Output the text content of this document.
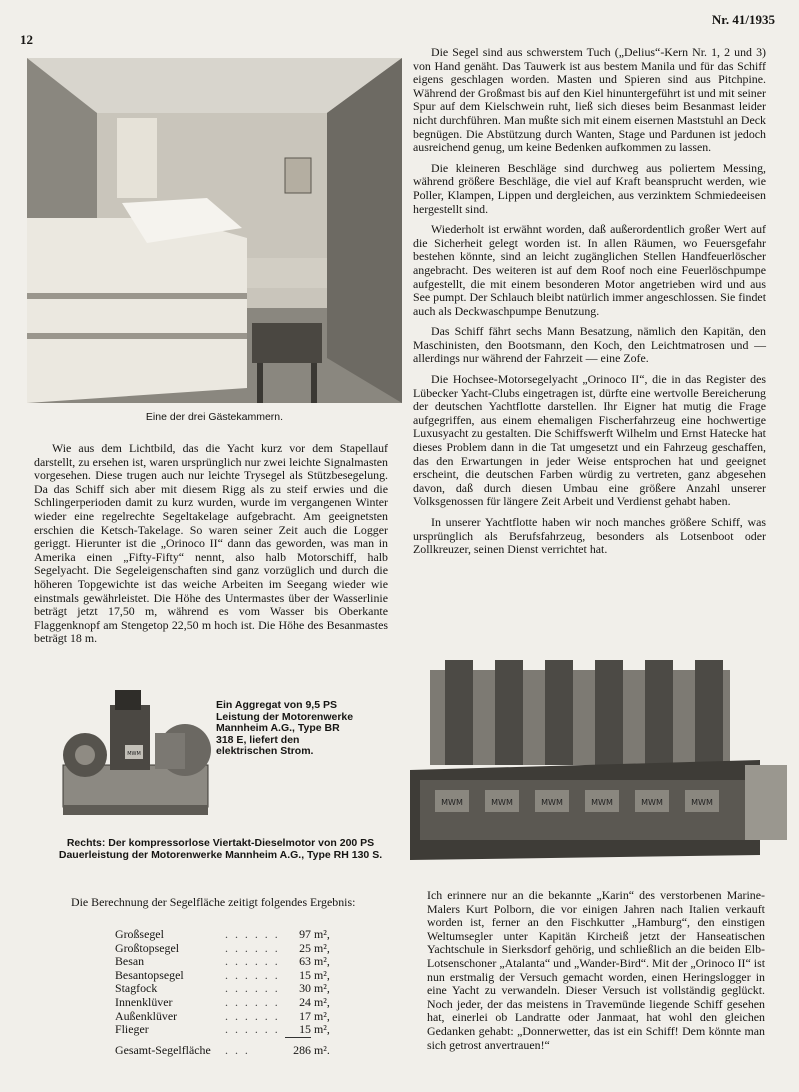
12
Nr. 41/1935
Eine der drei Gästekammern.

Wie aus dem Lichtbild, das die Yacht kurz vor dem Stapellauf darstellt, zu ersehen ist, waren ursprünglich nur zwei leichte Signalmasten vorgesehen. Diese trugen auch nur leichte Trysegel als Stützbesegelung. Da das Schiff sich aber mit diesem Rigg als zu steif erwies und die Schlingerperioden damit zu kurz wurden, wurde im vergangenen Winter wieder eine regelrechte Segeltakelage aufgebracht. Am geeignetsten erschien die Ketsch-Takelage. So waren seiner Zeit auch die Logger geriggt. Hierunter ist die „Orinoco II“ dann das geworden, was man in Amerika einen „Fifty-Fifty“ nennt, also halb Motorschiff, halb Segelyacht. Die Segeleigenschaften sind ganz vorzüglich und durch die höheren Topgewichte ist das weiche Arbeiten im Seegang wieder wie einstmals gewährleistet. Die Höhe des Untermastes über der Wasserlinie beträgt jetzt 17,50 m, während es vom Wasser bis Oberkante Flaggenknopf am Stengetop 22,50 m hoch ist. Die Höhe des Besanmastes beträgt 18 m.

Die Segel sind aus schwerstem Tuch („Delius“-Kern Nr. 1, 2 und 3) von Hand genäht. Das Tauwerk ist aus bestem Manila und für das Schiff eigens geschlagen worden. Masten und Spieren sind aus Pitchpine. Während der Großmast bis auf den Kiel hinuntergeführt ist und mit seiner Spur auf dem Kielschwein ruht, ließ sich dieses beim Besanmast leider nicht durchführen. Man mußte sich mit einem eisernen Maststuhl an Deck begnügen. Die Abstützung durch Wanten, Stage und Pardunen ist jedoch ausreichend genug, um keine Bedenken aufkommen zu lassen.

Die kleineren Beschläge sind durchweg aus poliertem Messing, während größere Beschläge, die viel auf Kraft beansprucht werden, wie Poller, Klampen, Lippen und dergleichen, aus verzinktem Schmiedeeisen hergestellt sind.

Wiederholt ist erwähnt worden, daß außerordentlich großer Wert auf die Sicherheit gelegt worden ist. In allen Räumen, wo Feuersgefahr bestehen könnte, sind an leicht zugänglichen Stellen Handfeuerlöscher angebracht. Des weiteren ist auf dem Roof noch eine Feuerlöschpumpe aufgestellt, die mit einem besonderen Motor angetrieben wird und aus See pumpt. Der Schlauch bleibt natürlich immer angeschlossen. Sie findet auch als Deckwaschpumpe Benutzung.

Das Schiff fährt sechs Mann Besatzung, nämlich den Kapitän, den Maschinisten, den Bootsmann, den Koch, den Leichtmatrosen und — allerdings nur während der Fahrzeit — eine Zofe.

Die Hochsee-Motorsegelyacht „Orinoco II“, die in das Register des Lübecker Yacht-Clubs eingetragen ist, dürfte eine wertvolle Bereicherung der deutschen Yachtflotte darstellen. Ihr Eigner hat mutig die Frage aufgegriffen, aus einem ehemaligen Fischerfahrzeug eine hochwertige Luxusyacht zu gestalten. Die Schiffswerft Wilhelm und Ernst Hatecke hat dieses Problem dann in die Tat umgesetzt und ein Fahrzeug geschaffen, das den Erwartungen in jeder Weise entsprochen hat und geeignet erscheint, die deutschen Farben würdig zu vertreten, ganz abgesehen davon, daß durch diesen Umbau eine größere Anzahl unserer Volksgenossen für längere Zeit Arbeit und Verdienst gehabt haben.

In unserer Yachtflotte haben wir noch manches größere Schiff, was ursprünglich als Berufsfahrzeug, besonders als Lotsenboot oder Zollkreuzer, seinen Dienst verrichtet hat.

MWM
Ein Aggregat von 9,5 PS Leistung der Motorenwerke Mannheim A.G., Type BR 318 E, liefert den elektrischen Strom.
MWM	MWM	MWM	MWM	MWM	MWM
Rechts: Der kompressorlose Viertakt-Dieselmotor von 200 PS Dauerleistung der Motorenwerke Mannheim A.G., Type RH 130 S.

Die Berechnung der Segelfläche zeitigt folgendes Ergebnis:

Großsegel	. . . . . .	97	m²,
Großtopsegel	. . . . . .	25	m²,
Besan	. . . . . .	63	m²,
Besantopsegel	. . . . . .	15	m²,
Stagfock	. . . . . .	30	m²,
Innenklüver	. . . . . .	24	m²,
Außenklüver	. . . . . .	17	m²,
Flieger	. . . . . .	15	m²,
Gesamt-Segelfläche	. . .	286	m².

Ich erinnere nur an die bekannte „Karin“ des verstorbenen Marine-Malers Kurt Polborn, die vor einigen Jahren nach Italien verkauft worden ist, ferner an den Fischkutter „Hamburg“, den einstigen Weltumsegler unter Kapitän Kircheiß jetzt der Hanseatischen Yachtschule in Sierksdorf gehörig, und schließlich an die beiden Elb-Lotsenschoner „Atalanta“ und „Wander-Bird“. Mit der „Orinoco II“ ist nun erstmalig der Versuch gemacht worden, einen Heringslogger in eine Yacht zu verwandeln. Dieser Versuch ist vollständig geglückt. Noch jeder, der das meistens in Travemünde liegende Schiff gesehen hat, einerlei ob Landratte oder Janmaat, hat wohl den gleichen Gedanken gehabt: „Donnerwetter, das ist ein Schiff! Dem könnte man sich getrost anvertrauen!“
